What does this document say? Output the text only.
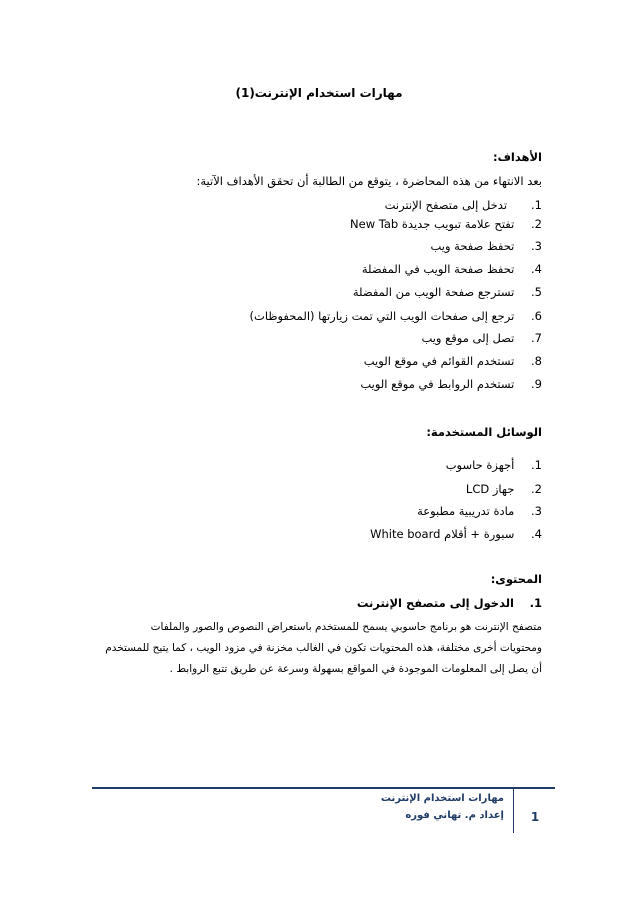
مهارات استخدام الإنترنت(1)
الأهداف:
بعد الانتهاء من هذه المحاضرة ، يتوقع من الطالبة أن تحقق الأهداف الآتية:
1.   تدخل إلى متصفح الإنترنت
2. تفتح علامة تبويب جديدة New Tab
3. تحفظ صفحة ويب
4. تحفظ صفحة الويب في المفضلة
5. تسترجع صفحة الويب من المفضلة
6. ترجع إلى صفحات الويب التي تمت زيارتها (المحفوظات)
7. تصل إلى موقع ويب
8. تستخدم القوائم في موقع الويب
9. تستخدم الروابط في موقع الويب
الوسائل المستخدمة:
1. أجهزة حاسوب
2. جهاز LCD
3. مادة تدريبية مطبوعة
4. سبورة + أقلام White board
المحتوى:
1. الدخول إلى متصفح الإنترنت
متصفح الإنترنت هو برنامج حاسوبي يسمح للمستخدم باستعراض النصوص والصور والملفات
ومحتويات أخرى مختلفة، هذه المحتويات تكون في الغالب مخزنة في مزود الويب ، كما يتيح للمستخدم
أن يصل إلى المعلومات الموجودة في المواقع بسهولة وسرعة عن طريق تتبع الروابط .
مهارات استخدام الإنترنت
إعداد م. تهاني فوره	1
